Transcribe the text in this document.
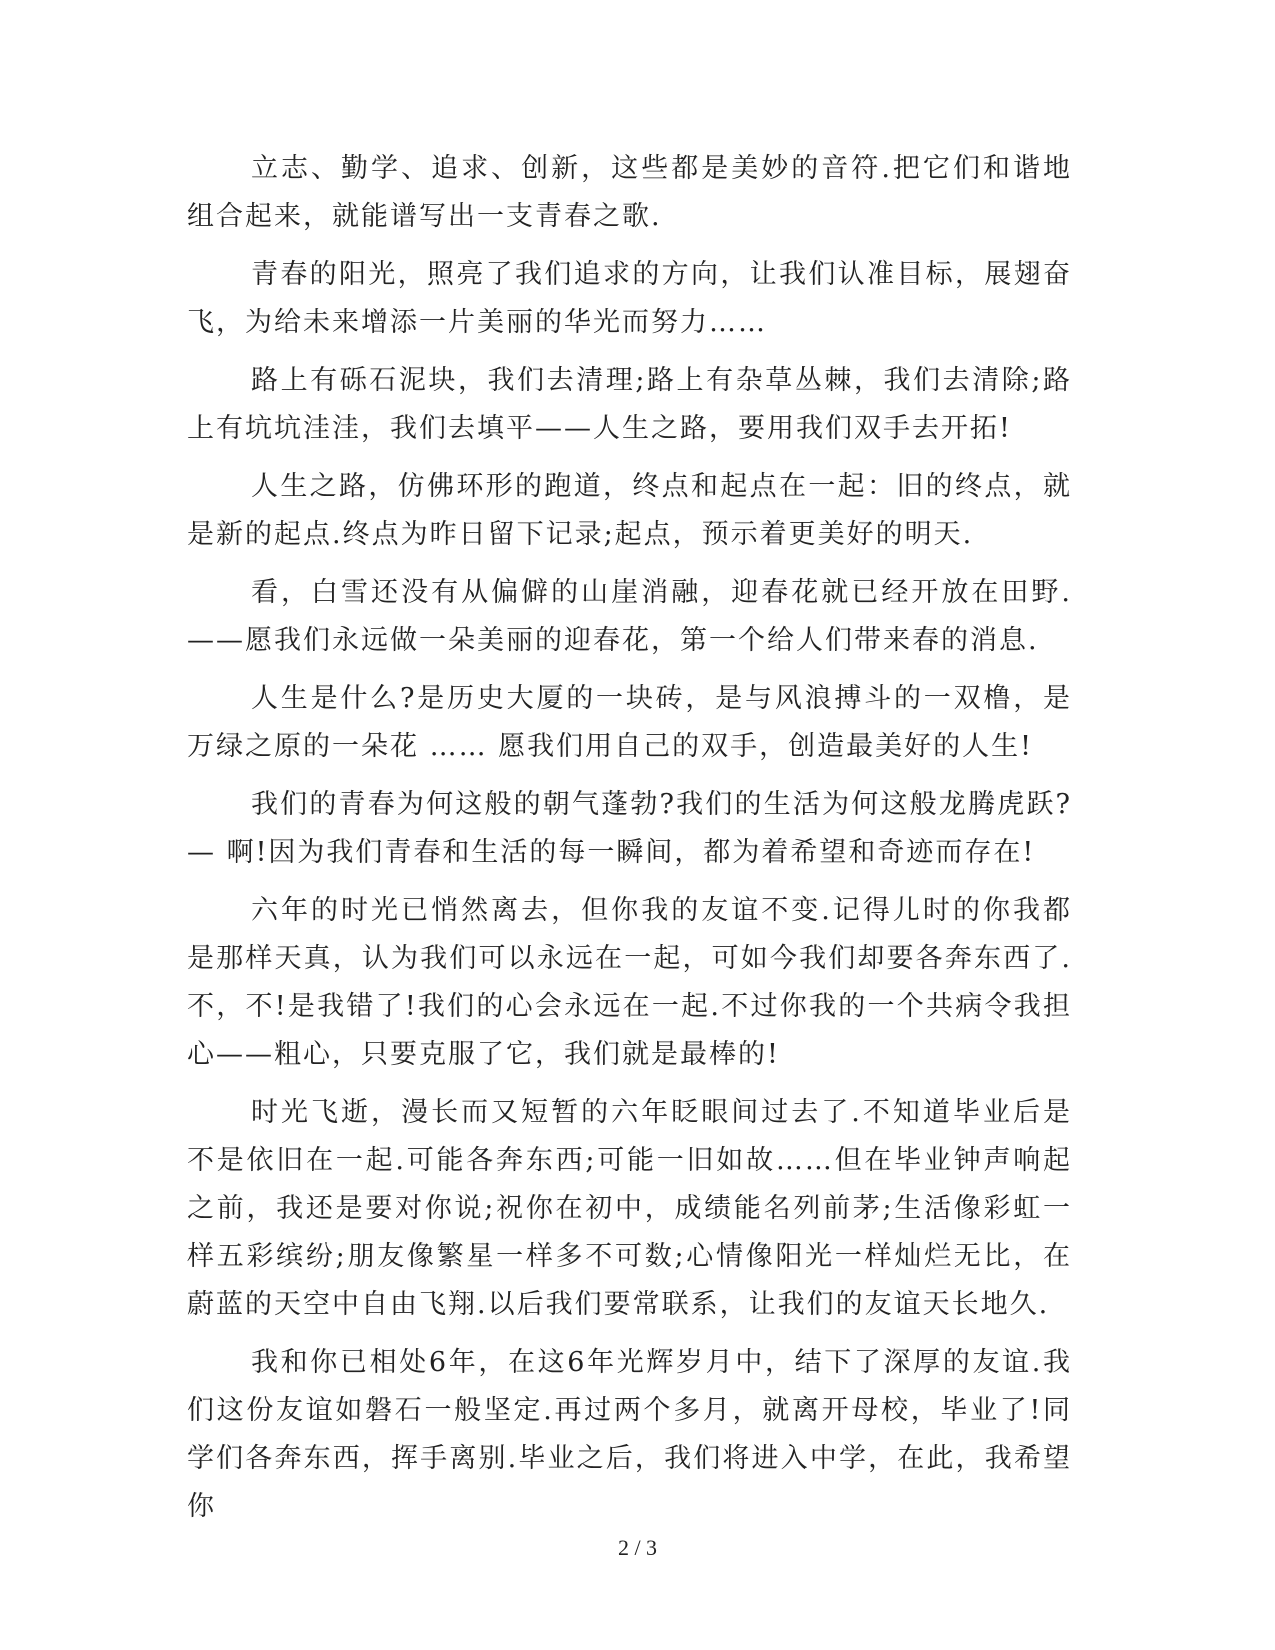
立志、勤学、追求、创新，这些都是美妙的音符.把它们和谐地组合起来，就能谱写出一支青春之歌.

青春的阳光，照亮了我们追求的方向，让我们认准目标，展翅奋飞，为给未来增添一片美丽的华光而努力……

路上有砾石泥块，我们去清理;路上有杂草丛棘，我们去清除;路上有坑坑洼洼，我们去填平——人生之路，要用我们双手去开拓!

人生之路，仿佛环形的跑道，终点和起点在一起：旧的终点，就是新的起点.终点为昨日留下记录;起点，预示着更美好的明天.

看，白雪还没有从偏僻的山崖消融，迎春花就已经开放在田野.——愿我们永远做一朵美丽的迎春花，第一个给人们带来春的消息.

人生是什么?是历史大厦的一块砖，是与风浪搏斗的一双橹，是万绿之原的一朵花 …… 愿我们用自己的双手，创造最美好的人生!

我们的青春为何这般的朝气蓬勃?我们的生活为何这般龙腾虎跃?— 啊!因为我们青春和生活的每一瞬间，都为着希望和奇迹而存在!

六年的时光已悄然离去，但你我的友谊不变.记得儿时的你我都是那样天真，认为我们可以永远在一起，可如今我们却要各奔东西了.不，不!是我错了!我们的心会永远在一起.不过你我的一个共病令我担心——粗心，只要克服了它，我们就是最棒的!

时光飞逝，漫长而又短暂的六年眨眼间过去了.不知道毕业后是不是依旧在一起.可能各奔东西;可能一旧如故……但在毕业钟声响起之前，我还是要对你说;祝你在初中，成绩能名列前茅;生活像彩虹一样五彩缤纷;朋友像繁星一样多不可数;心情像阳光一样灿烂无比，在蔚蓝的天空中自由飞翔.以后我们要常联系，让我们的友谊天长地久.

我和你已相处6年，在这6年光辉岁月中，结下了深厚的友谊.我们这份友谊如磐石一般坚定.再过两个多月，就离开母校，毕业了!同学们各奔东西，挥手离别.毕业之后，我们将进入中学，在此，我希望你

2 / 3
